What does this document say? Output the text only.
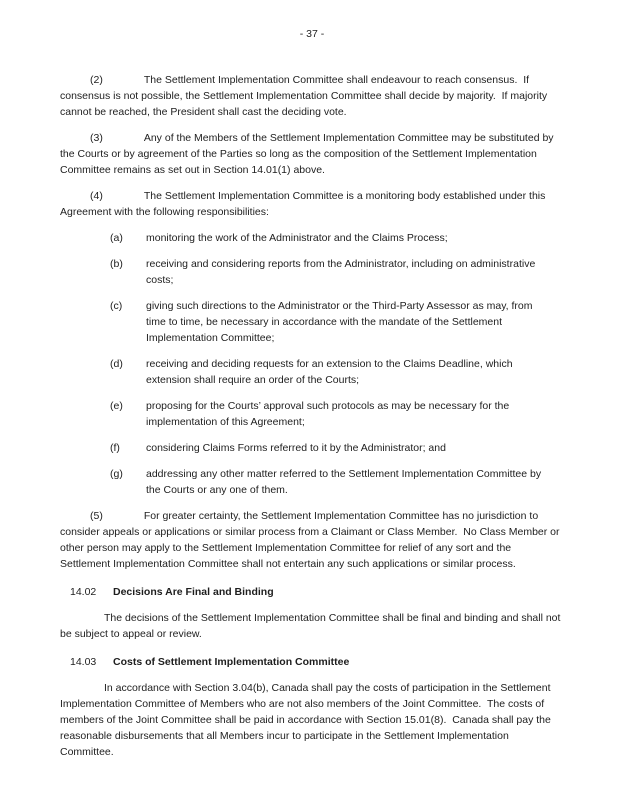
- 37 -

(2)	The Settlement Implementation Committee shall endeavour to reach consensus.  If consensus is not possible, the Settlement Implementation Committee shall decide by majority.  If majority cannot be reached, the President shall cast the deciding vote.

(3)	Any of the Members of the Settlement Implementation Committee may be substituted by the Courts or by agreement of the Parties so long as the composition of the Settlement Implementation Committee remains as set out in Section 14.01(1) above.

(4)	The Settlement Implementation Committee is a monitoring body established under this Agreement with the following responsibilities:

(a)	monitoring the work of the Administrator and the Claims Process;
(b)	receiving and considering reports from the Administrator, including on administrative costs;
(c)	giving such directions to the Administrator or the Third-Party Assessor as may, from time to time, be necessary in accordance with the mandate of the Settlement Implementation Committee;
(d)	receiving and deciding requests for an extension to the Claims Deadline, which extension shall require an order of the Courts;
(e)	proposing for the Courts’ approval such protocols as may be necessary for the implementation of this Agreement;
(f)	considering Claims Forms referred to it by the Administrator; and
(g)	addressing any other matter referred to the Settlement Implementation Committee by the Courts or any one of them.

(5)	For greater certainty, the Settlement Implementation Committee has no jurisdiction to consider appeals or applications or similar process from a Claimant or Class Member.  No Class Member or other person may apply to the Settlement Implementation Committee for relief of any sort and the Settlement Implementation Committee shall not entertain any such applications or similar process.

14.02	Decisions Are Final and Binding

The decisions of the Settlement Implementation Committee shall be final and binding and shall not be subject to appeal or review.

14.03	Costs of Settlement Implementation Committee

In accordance with Section 3.04(b), Canada shall pay the costs of participation in the Settlement Implementation Committee of Members who are not also members of the Joint Committee.  The costs of members of the Joint Committee shall be paid in accordance with Section 15.01(8).  Canada shall pay the reasonable disbursements that all Members incur to participate in the Settlement Implementation Committee.
